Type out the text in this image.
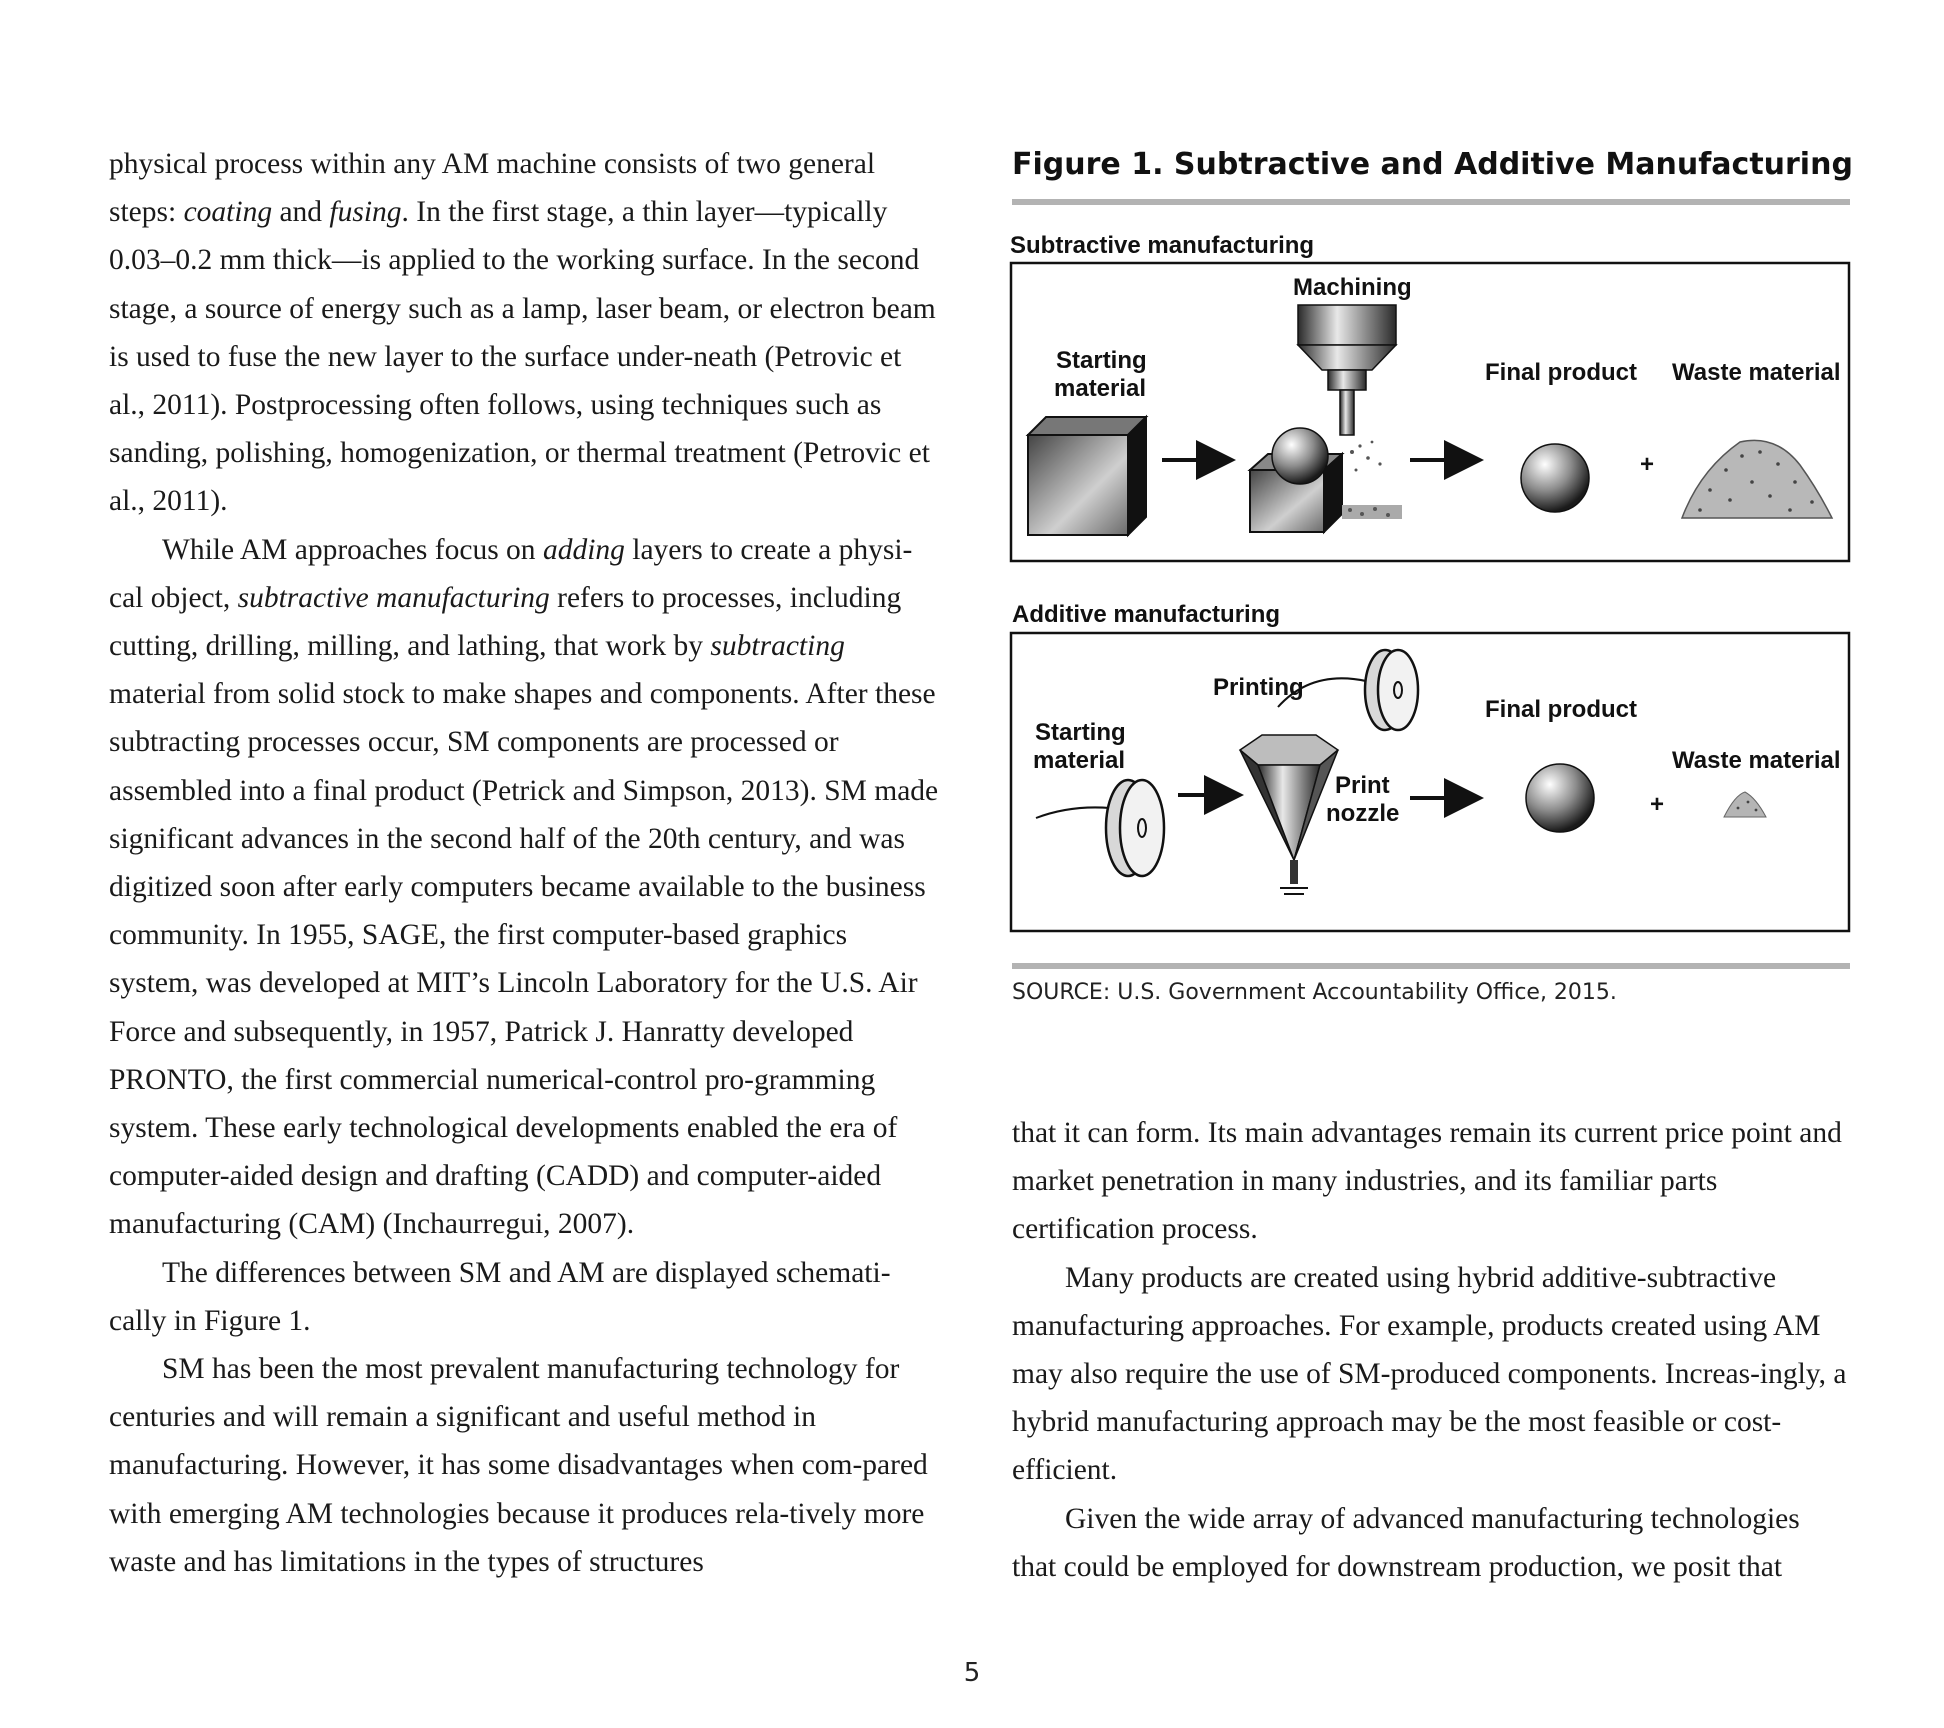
physical process within any AM machine consists of two general steps: coating and fusing. In the first stage, a thin layer—typically 0.03–0.2 mm thick—is applied to the working surface. In the second stage, a source of energy such as a lamp, laser beam, or electron beam is used to fuse the new layer to the surface under-neath (Petrovic et al., 2011). Postprocessing often follows, using techniques such as sanding, polishing, homogenization, or thermal treatment (Petrovic et al., 2011).

While AM approaches focus on adding layers to create a physi-cal object, subtractive manufacturing refers to processes, including cutting, drilling, milling, and lathing, that work by subtracting material from solid stock to make shapes and components. After these subtracting processes occur, SM components are processed or assembled into a final product (Petrick and Simpson, 2013). SM made significant advances in the second half of the 20th century, and was digitized soon after early computers became available to the business community. In 1955, SAGE, the first computer-based graphics system, was developed at MIT’s Lincoln Laboratory for the U.S. Air Force and subsequently, in 1957, Patrick J. Hanratty developed PRONTO, the first commercial numerical-control pro-gramming system. These early technological developments enabled the era of computer-aided design and drafting (CADD) and computer-aided manufacturing (CAM) (Inchaurregui, 2007).

The differences between SM and AM are displayed schemati-cally in Figure 1.

SM has been the most prevalent manufacturing technology for centuries and will remain a significant and useful method in manufacturing. However, it has some disadvantages when com-pared with emerging AM technologies because it produces rela-tively more waste and has limitations in the types of structures

Figure 1. Subtractive and Additive Manufacturing
Subtractive manufacturing
Machining
Starting
material
Final product Waste material
+
Additive manufacturing
Printing
Starting
material
Print
nozzle
Final product
Waste material
+
SOURCE: U.S. Government Accountability Office, 2015.

that it can form. Its main advantages remain its current price point and market penetration in many industries, and its familiar parts certification process.

Many products are created using hybrid additive-subtractive manufacturing approaches. For example, products created using AM may also require the use of SM-produced components. Increas-ingly, a hybrid manufacturing approach may be the most feasible or cost-efficient.

Given the wide array of advanced manufacturing technologies that could be employed for downstream production, we posit that

5
